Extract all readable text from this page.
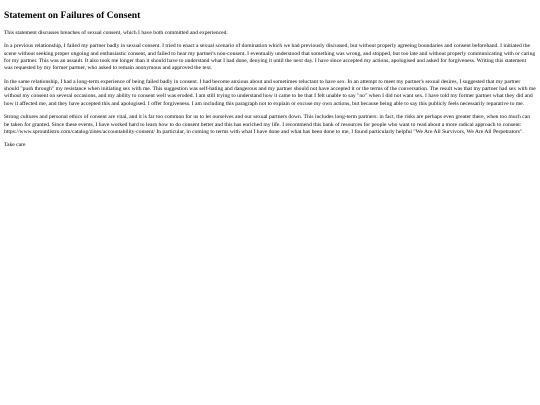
Statement on Failures of Consent

This statement discusses breaches of sexual consent, which I have both committed and experienced.

In a previous relationship, I failed my partner badly in sexual consent. I tried to enact a sexual scenario of domination which we had previously discussed, but without properly agreeing boundaries and consent beforehand. I initiated the scene without seeking proper ongoing and enthusiastic consent, and failed to hear my partner's non-consent. I eventually understood that something was wrong, and stopped, but too late and without properly communicating with or caring for my partner. This was an assault. It also took me longer than it should have to understand what I had done, denying it until the next day. I have since accepted my actions, apologised and asked for forgiveness. Writing this statement was requested by my former partner, who asked to remain anonymous and approved the text.

In the same relationship, I had a long-term experience of being failed badly in consent. I had become anxious about and sometimes reluctant to have sex. In an attempt to meet my partner's sexual desires, I suggested that my partner should "push through" my resistance when initiating sex with me. This suggestion was self-hating and dangerous and my partner should not have accepted it or the terms of the conversation. The result was that my partner had sex with me without my consent on several occasions, and my ability to consent well was eroded. I am still trying to understand how it came to be that I felt unable to say "no" when I did not want sex. I have told my former partner what they did and how it affected me, and they have accepted this and apologised. I offer forgiveness. I am including this paragraph not to explain or excuse my own actions, but because being able to say this publicly feels necessarily reparative to me.

Strong cultures and personal ethics of consent are vital, and it is far too common for us to let ourselves and our sexual partners down. This includes long-term partners: in fact, the risks are perhaps even greater there, when too much can be taken for granted. Since these events, I have worked hard to learn how to do consent better and this has enriched my life. I recommend this bank of resources for people who want to read about a more radical approach to consent: https://www.sproutdistro.com/catalog/zines/accountability-consent/ In particular, in coming to terms with what I have done and what has been done to me, I found particularly helpful "We Are All Survivors, We Are All Perpetrators".

Take care
